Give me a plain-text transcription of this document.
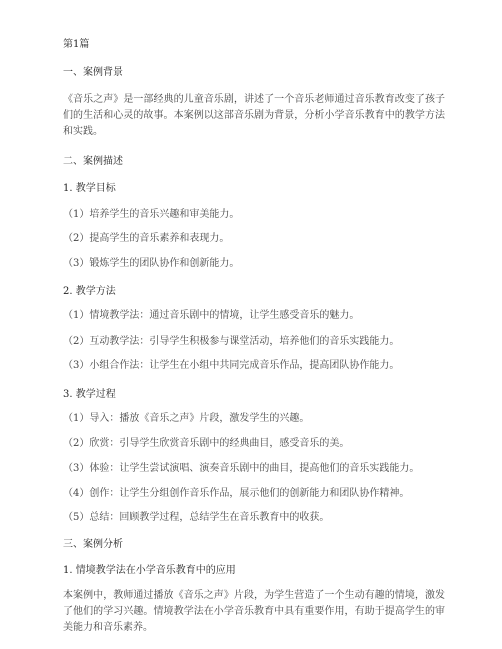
第1篇

一、案例背景

《音乐之声》是一部经典的儿童音乐剧，讲述了一个音乐老师通过音乐教育改变了孩子们的生活和心灵的故事。本案例以这部音乐剧为背景，分析小学音乐教育中的教学方法和实践。

二、案例描述

1. 教学目标

（1）培养学生的音乐兴趣和审美能力。

（2）提高学生的音乐素养和表现力。

（3）锻炼学生的团队协作和创新能力。

2. 教学方法

（1）情境教学法：通过音乐剧中的情境，让学生感受音乐的魅力。

（2）互动教学法：引导学生积极参与课堂活动，培养他们的音乐实践能力。

（3）小组合作法：让学生在小组中共同完成音乐作品，提高团队协作能力。

3. 教学过程

（1）导入：播放《音乐之声》片段，激发学生的兴趣。

（2）欣赏：引导学生欣赏音乐剧中的经典曲目，感受音乐的美。

（3）体验：让学生尝试演唱、演奏音乐剧中的曲目，提高他们的音乐实践能力。

（4）创作：让学生分组创作音乐作品，展示他们的创新能力和团队协作精神。

（5）总结：回顾教学过程，总结学生在音乐教育中的收获。

三、案例分析

1. 情境教学法在小学音乐教育中的应用

本案例中，教师通过播放《音乐之声》片段，为学生营造了一个生动有趣的情境，激发了他们的学习兴趣。情境教学法在小学音乐教育中具有重要作用，有助于提高学生的审美能力和音乐素养。
